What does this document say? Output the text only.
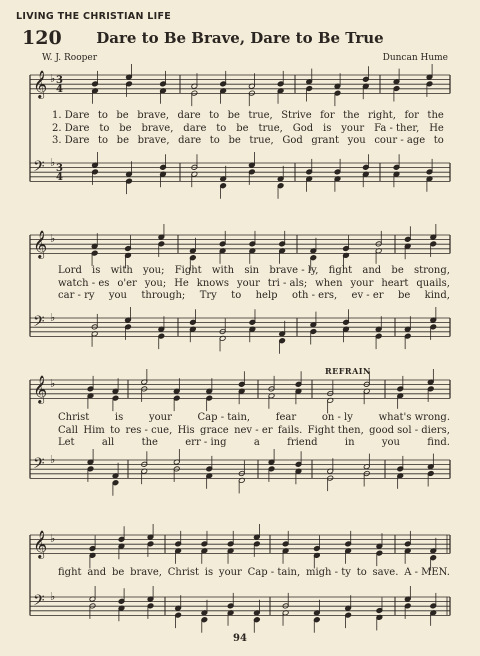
LIVING THE CHRISTIAN LIFE
120	Dare to Be Brave, Dare to Be True
W. J. Rooper	Duncan Hume
REFRAIN
𝄞 ♭
𝄢 ♭
3
4
3
4
𝄞 ♭
𝄢 ♭
𝄞 ♭
𝄢 ♭
𝄞 ♭
𝄢 ♭
1. Dare to be brave, dare to be true, Strive for the right, for the
2. Dare to be brave, dare to be true, God is your Fa - ther, He
3. Dare to be brave, dare to be true, God grant you cour - age to
Lord is with you; Fight with sin brave - ly, fight and be strong,
watch - es o'er you; He knows your tri - als; when your heart quails,
car - ry you through; Try to help oth - ers, ev - er be kind,
Christ	is	your	Cap - tain,	fear	on - ly	what's wrong.
Call Him to res - cue, His grace nev - er fails. Fight then, good sol - diers,
Let	all	the	err - ing	a	friend	in	you	find.
fight and be brave, Christ is your Cap - tain, migh - ty to save. A - MEN.
94
